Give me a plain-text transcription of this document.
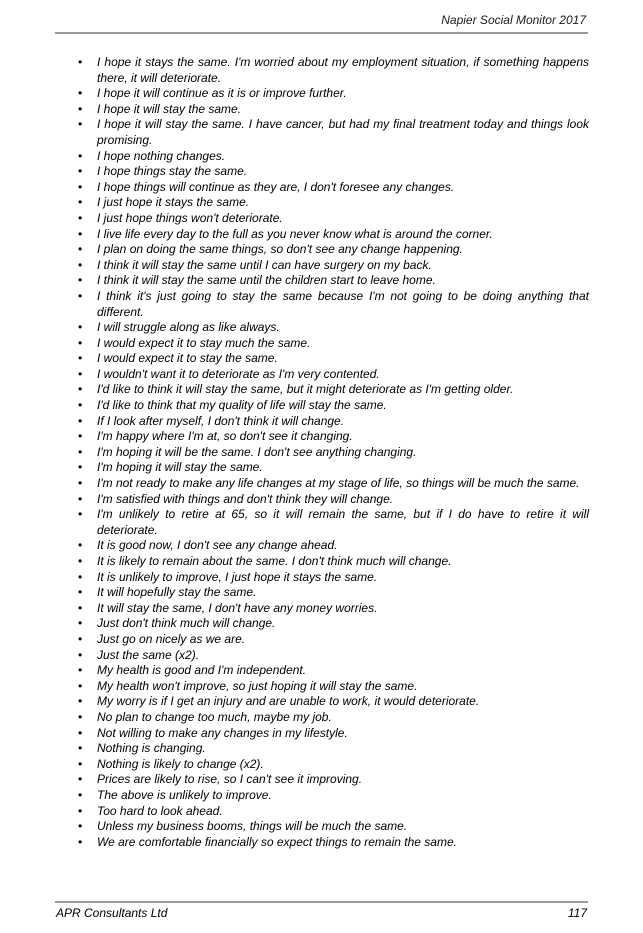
Napier Social Monitor 2017
• I hope it stays the same. I'm worried about my employment situation, if something happens there, it will deteriorate.
• I hope it will continue as it is or improve further.
• I hope it will stay the same.
• I hope it will stay the same. I have cancer, but had my final treatment today and things look promising.
• I hope nothing changes.
• I hope things stay the same.
• I hope things will continue as they are, I don't foresee any changes.
• I just hope it stays the same.
• I just hope things won't deteriorate.
• I live life every day to the full as you never know what is around the corner.
• I plan on doing the same things, so don't see any change happening.
• I think it will stay the same until I can have surgery on my back.
• I think it will stay the same until the children start to leave home.
• I think it's just going to stay the same because I'm not going to be doing anything that different.
• I will struggle along as like always.
• I would expect it to stay much the same.
• I would expect it to stay the same.
• I wouldn't want it to deteriorate as I'm very contented.
• I'd like to think it will stay the same, but it might deteriorate as I'm getting older.
• I'd like to think that my quality of life will stay the same.
• If I look after myself, I don't think it will change.
• I'm happy where I'm at, so don't see it changing.
• I'm hoping it will be the same. I don't see anything changing.
• I'm hoping it will stay the same.
• I'm not ready to make any life changes at my stage of life, so things will be much the same.
• I'm satisfied with things and don't think they will change.
• I'm unlikely to retire at 65, so it will remain the same, but if I do have to retire it will deteriorate.
• It is good now, I don't see any change ahead.
• It is likely to remain about the same. I don't think much will change.
• It is unlikely to improve, I just hope it stays the same.
• It will hopefully stay the same.
• It will stay the same, I don't have any money worries.
• Just don't think much will change.
• Just go on nicely as we are.
• Just the same (x2).
• My health is good and I'm independent.
• My health won't improve, so just hoping it will stay the same.
• My worry is if I get an injury and are unable to work, it would deteriorate.
• No plan to change too much, maybe my job.
• Not willing to make any changes in my lifestyle.
• Nothing is changing.
• Nothing is likely to change (x2).
• Prices are likely to rise, so I can't see it improving.
• The above is unlikely to improve.
• Too hard to look ahead.
• Unless my business booms, things will be much the same.
• We are comfortable financially so expect things to remain the same.
APR Consultants Ltd	117
